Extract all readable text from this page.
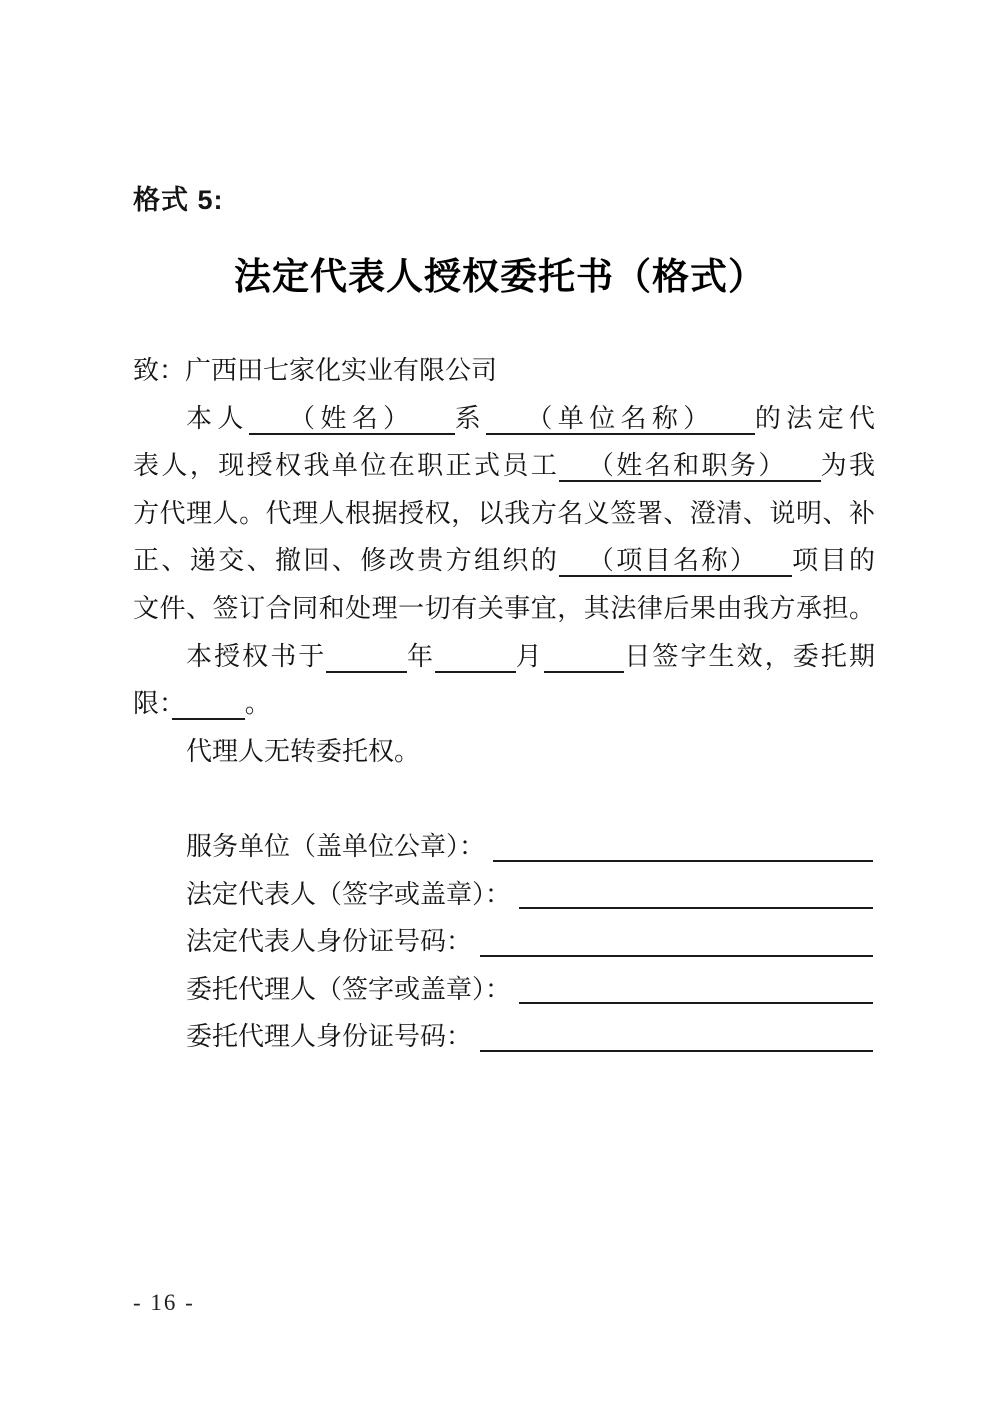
格式 5:
法定代表人授权委托书（格式）
致：广西田七家化实业有限公司
本人 （姓名） 系 （单位名称） 的法定代
表人，现授权我单位在职正式员工 （姓名和职务） 为我
方代理人。代理人根据授权，以我方名义签署、澄清、说明、补
正、递交、撤回、修改贵方组织的 （项目名称） 项目的
文件、签订合同和处理一切有关事宜，其法律后果由我方承担。
本授权书于	年	月	日签字生效，委托期
限：	。
代理人无转委托权。
服务单位（盖单位公章）：
法定代表人（签字或盖章）：
法定代表人身份证号码：
委托代理人（签字或盖章）：
委托代理人身份证号码：
- 16 -
